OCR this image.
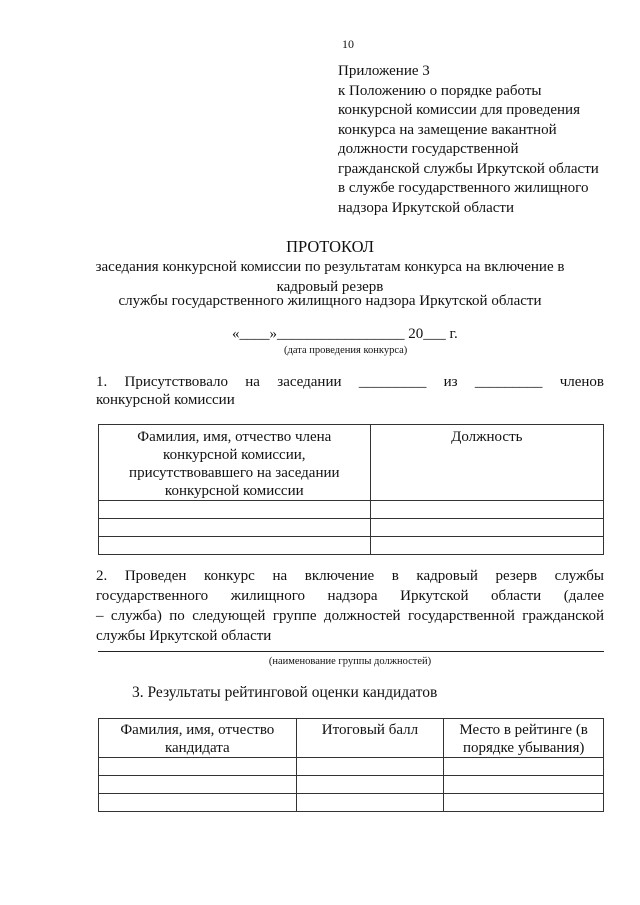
10
Приложение 3
к Положению о порядке работы
конкурсной комиссии для проведения
конкурса на замещение вакантной
должности государственной
гражданской службы Иркутской области
в службе государственного жилищного
надзора Иркутской области
ПРОТОКОЛ
заседания конкурсной комиссии по результатам конкурса на включение в
кадровый резерв
службы государственного жилищного надзора Иркутской области
«____»_________________ 20___ г.
(дата проведения конкурса)
1. Присутствовало на заседании _________ из _________ членов
конкурсной комиссии
Фамилия, имя, отчество члена конкурсной комиссии, присутствовавшего на заседании конкурсной комиссии	Должность

2. Проведен конкурс на включение в кадровый резерв службы
государственного жилищного надзора Иркутской области (далее
– служба) по следующей группе должностей государственной гражданской
службы Иркутской области
(наименование группы должностей)
3. Результаты рейтинговой оценки кандидатов
Фамилия, имя, отчество кандидата	Итоговый балл	Место в рейтинге (в порядке убывания)
